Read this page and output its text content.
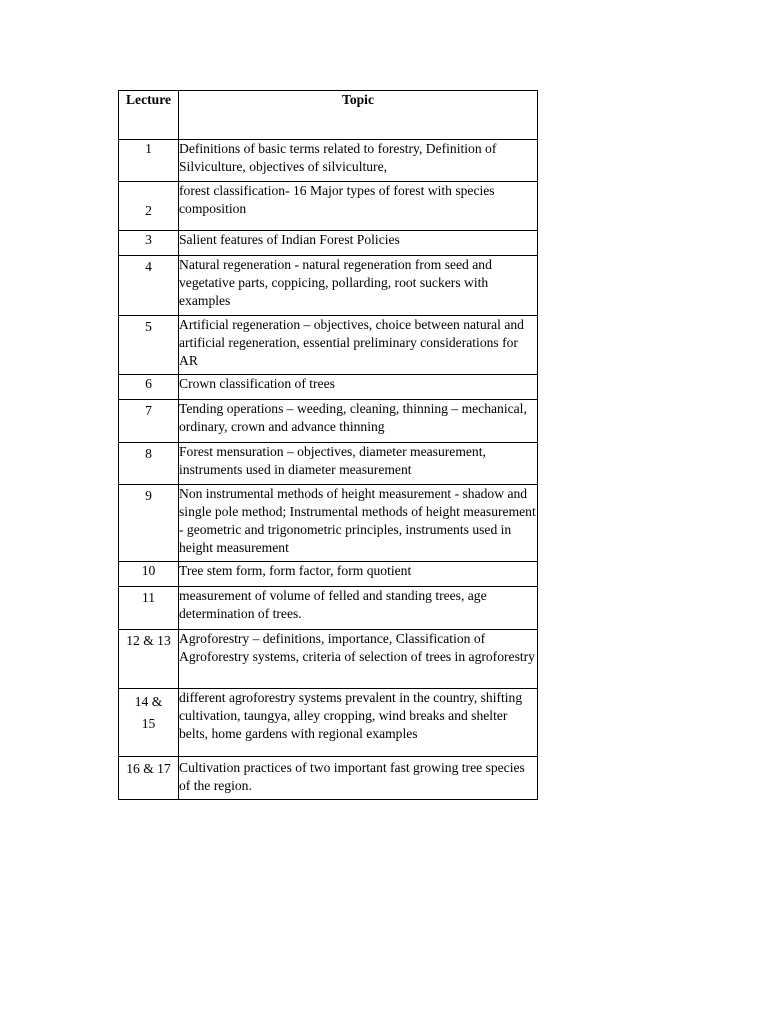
Lecture	Topic
1	Definitions of basic terms related to forestry, Definition of Silviculture, objectives of silviculture,
2	forest classification- 16 Major types of forest with species composition
3	Salient features of Indian Forest Policies
4	Natural regeneration - natural regeneration from seed and vegetative parts, coppicing, pollarding, root suckers with examples
5	Artificial regeneration – objectives, choice between natural and artificial regeneration, essential preliminary considerations for AR
6	Crown classification of trees
7	Tending operations – weeding, cleaning, thinning – mechanical, ordinary, crown and advance thinning
8	Forest mensuration – objectives, diameter measurement, instruments used in diameter measurement
9	Non instrumental methods of height measurement - shadow and single pole method; Instrumental methods of height measurement - geometric and trigonometric principles, instruments used in height measurement
10	Tree stem form, form factor, form quotient
11	measurement of volume of felled and standing trees, age determination of trees.
12 & 13	Agroforestry – definitions, importance, Classification of Agroforestry systems, criteria of selection of trees in agroforestry
14 &
15	different agroforestry systems prevalent in the country, shifting cultivation, taungya, alley cropping, wind breaks and shelter belts, home gardens with regional examples
16 & 17	Cultivation practices of two important fast growing tree species of the region.
